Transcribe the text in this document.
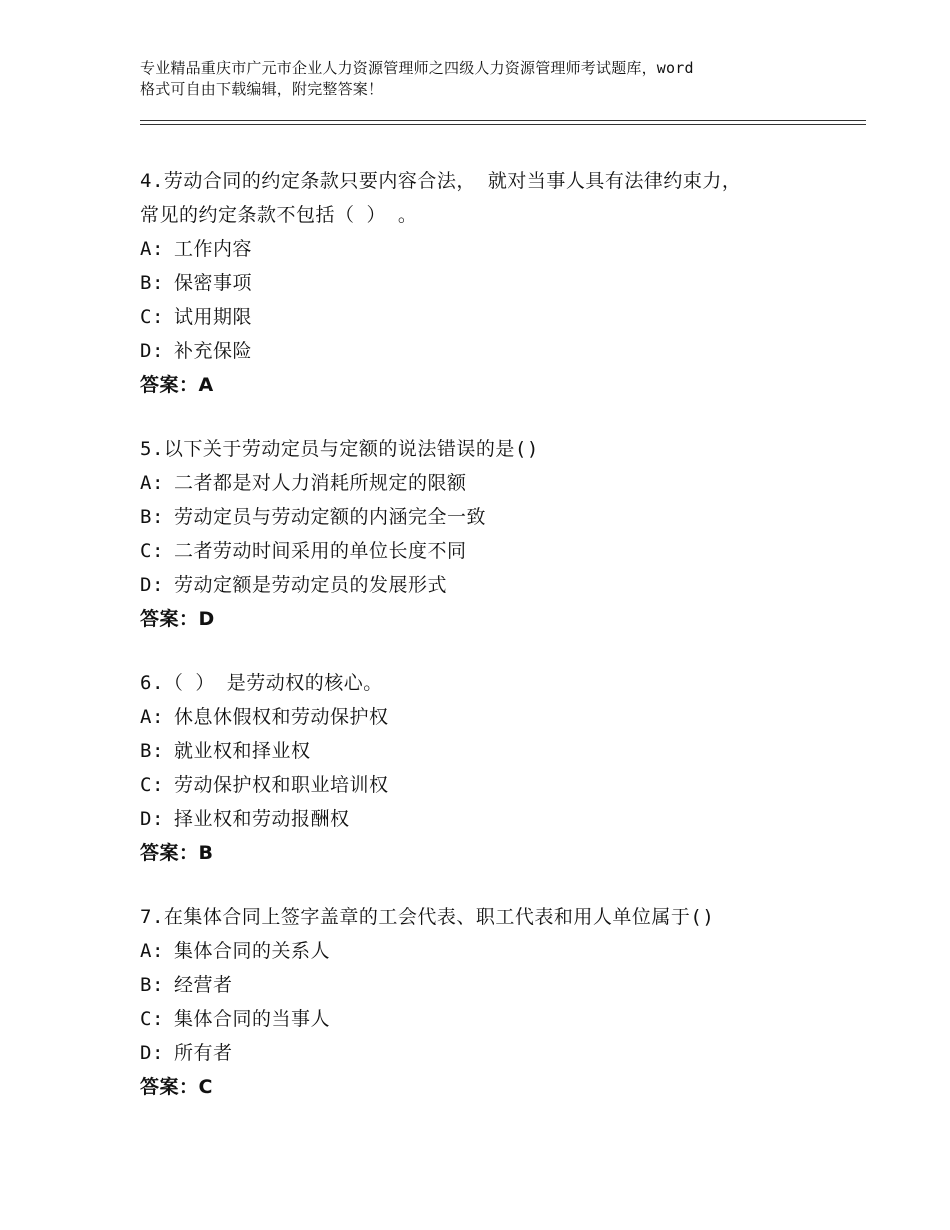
专业精品重庆市广元市企业人力资源管理师之四级人力资源管理师考试题库，word
格式可自由下载编辑，附完整答案！
4.劳动合同的约定条款只要内容合法， 就对当事人具有法律约束力，
常见的约定条款不包括（ ） 。
A: 工作内容
B: 保密事项
C: 试用期限
D: 补充保险
答案：A
5.以下关于劳动定员与定额的说法错误的是()
A: 二者都是对人力消耗所规定的限额
B: 劳动定员与劳动定额的内涵完全一致
C: 二者劳动时间采用的单位长度不同
D: 劳动定额是劳动定员的发展形式
答案：D
6.（ ） 是劳动权的核心。
A: 休息休假权和劳动保护权
B: 就业权和择业权
C: 劳动保护权和职业培训权
D: 择业权和劳动报酬权
答案：B
7.在集体合同上签字盖章的工会代表、职工代表和用人单位属于()
A: 集体合同的关系人
B: 经营者
C: 集体合同的当事人
D: 所有者
答案：C
